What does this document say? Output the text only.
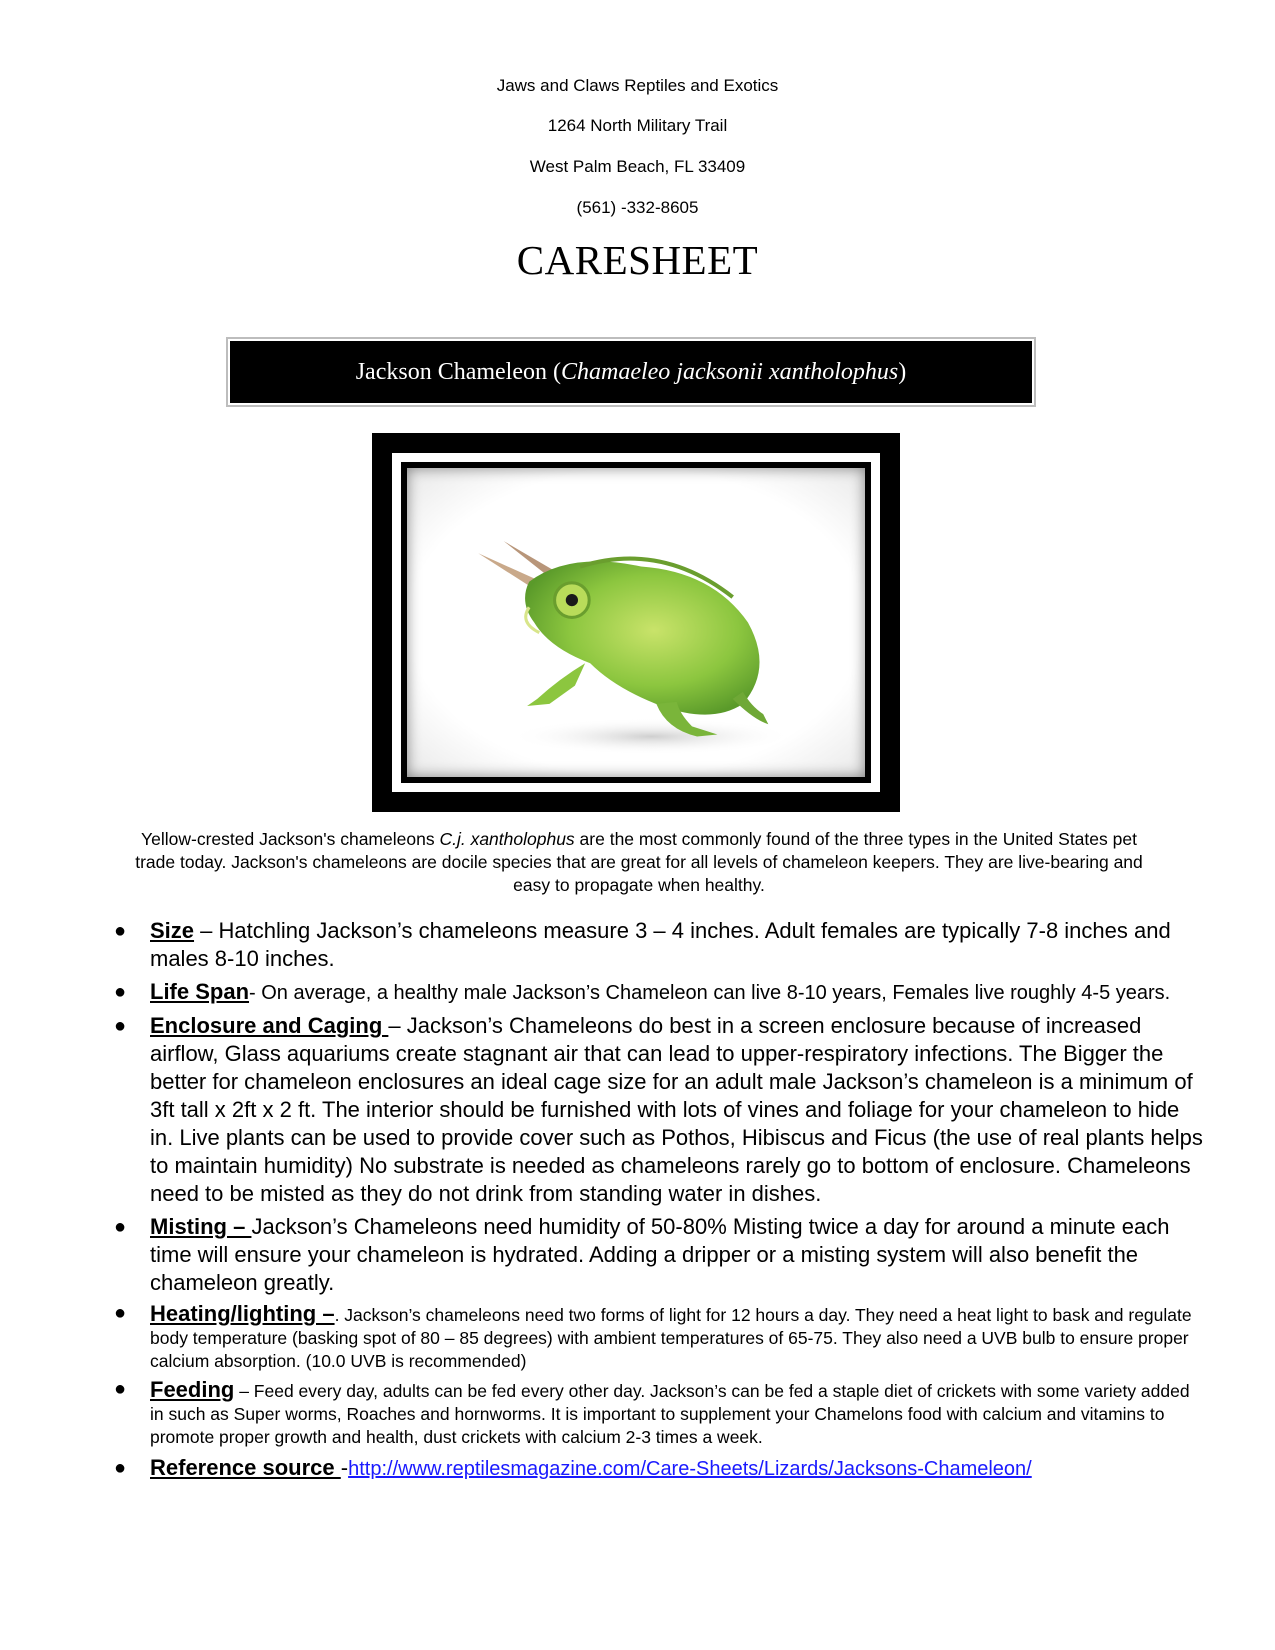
Jaws and Claws Reptiles and Exotics
1264 North Military Trail
West Palm Beach, FL 33409
(561) -332-8605
CARESHEET
Jackson Chameleon ( Chamaeleo jacksonii xantholophus )
Yellow-crested Jackson's chameleons C.j. xantholophus are the most commonly found of the three types in the United States pet trade today. Jackson's chameleons are docile species that are great for all levels of chameleon keepers. They are live-bearing and easy to propagate when healthy.
● Size – Hatchling Jackson’s chameleons measure 3 – 4 inches. Adult females are typically 7-8 inches and males 8-10 inches.
● Life Span- On average, a healthy male Jackson’s Chameleon can live 8-10 years, Females live roughly 4-5 years.
● Enclosure and Caging – Jackson’s Chameleons do best in a screen enclosure because of increased airflow, Glass aquariums create stagnant air that can lead to upper-respiratory infections. The Bigger the better for chameleon enclosures an ideal cage size for an adult male Jackson’s chameleon is a minimum of 3ft tall x 2ft x 2 ft. The interior should be furnished with lots of vines and foliage for your chameleon to hide in. Live plants can be used to provide cover such as Pothos, Hibiscus and Ficus (the use of real plants helps to maintain humidity) No substrate is needed as chameleons rarely go to bottom of enclosure. Chameleons need to be misted as they do not drink from standing water in dishes.
● Misting – Jackson’s Chameleons need humidity of 50-80% Misting twice a day for around a minute each time will ensure your chameleon is hydrated. Adding a dripper or a misting system will also benefit the chameleon greatly.
● Heating/lighting –. Jackson’s chameleons need two forms of light for 12 hours a day. They need a heat light to bask and regulate body temperature (basking spot of 80 – 85 degrees) with ambient temperatures of 65-75. They also need a UVB bulb to ensure proper calcium absorption. (10.0 UVB is recommended)
● Feeding – Feed every day, adults can be fed every other day. Jackson’s can be fed a staple diet of crickets with some variety added in such as Super worms, Roaches and hornworms. It is important to supplement your Chamelons food with calcium and vitamins to promote proper growth and health, dust crickets with calcium 2-3 times a week.
● Reference source -http://www.reptilesmagazine.com/Care-Sheets/Lizards/Jacksons-Chameleon/
